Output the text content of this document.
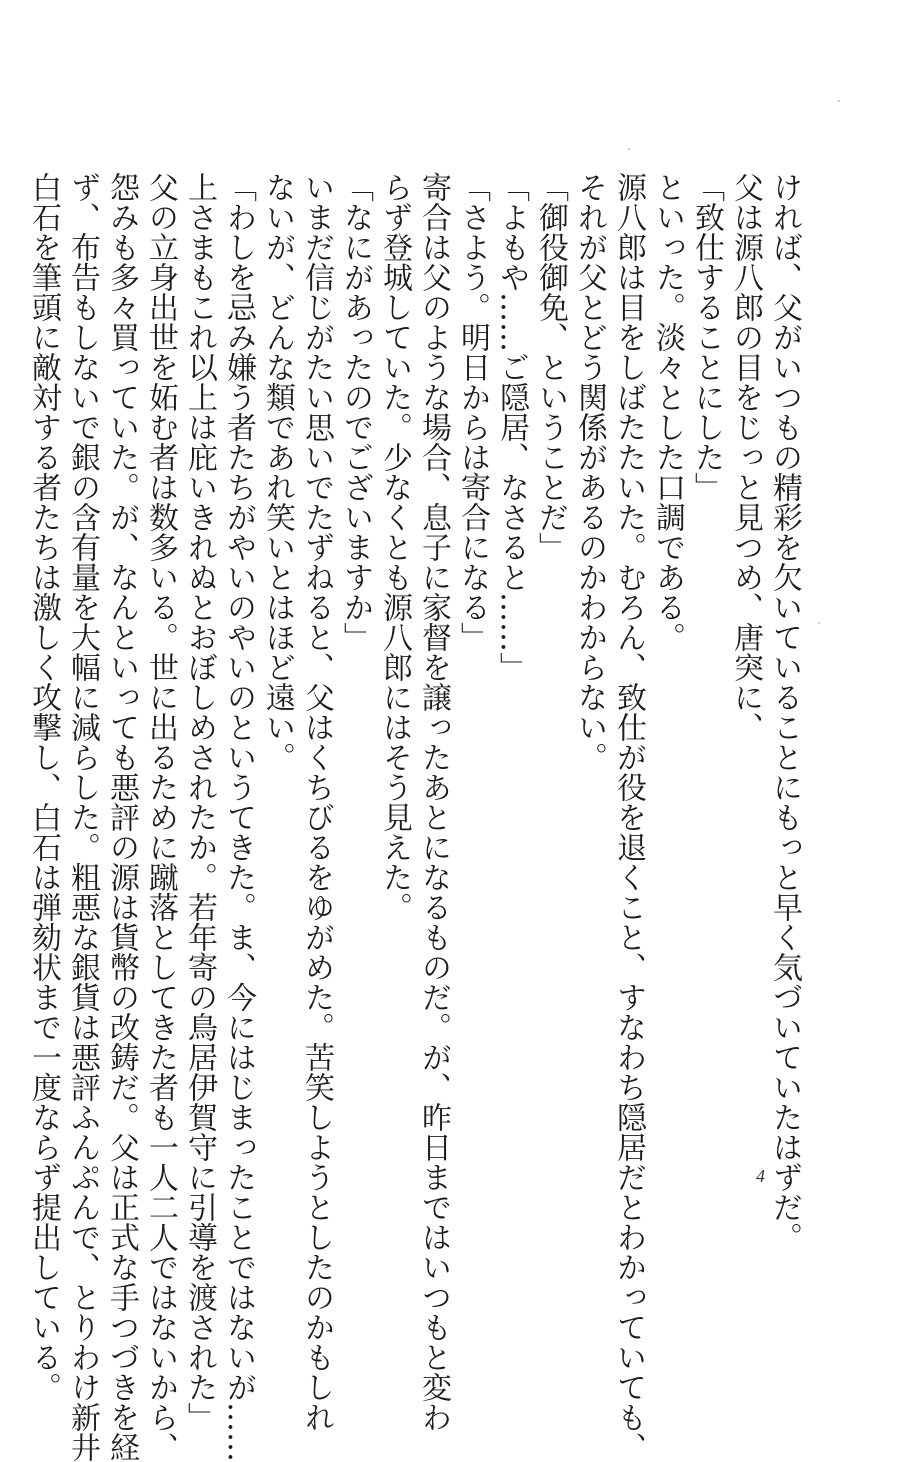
ければ、父がいつもの精彩を欠いていることにもっと早く気づいていたはずだ。

父は源八郎の目をじっと見つめ、唐突に、

「致仕することにした」

といった。淡々とした口調である。

源八郎は目をしばたたいた。むろん、致仕が役を退くこと、すなわち隠居だとわかっていても、

それが父とどう関係があるのかわからない。

「御役御免、ということだ」

「よもや……ご隠居、なさると……」

「さよう。明日からは寄合になる」

寄合は父のような場合、息子に家督を譲ったあとになるものだ。が、昨日まではいつもと変わ

らず登城していた。少なくとも源八郎にはそう見えた。

「なにがあったのでございますか」

いまだ信じがたい思いでたずねると、父はくちびるをゆがめた。苦笑しようとしたのかもしれ

ないが、どんな類であれ笑いとはほど遠い。

「わしを忌み嫌う者たちがやいのやいのというてきた。ま、今にはじまったことではないが……

上さまもこれ以上は庇いきれぬとおぼしめされたか。若年寄の鳥居伊賀守に引導を渡された」

父の立身出世を妬む者は数多いる。世に出るために蹴落としてきた者も一人二人ではないから、

怨みも多々買っていた。が、なんといっても悪評の源は貨幣の改鋳だ。父は正式な手つづきを経

ず、布告もしないで銀の含有量を大幅に減らした。粗悪な銀貨は悪評ふんぷんで、とりわけ新井

白石を筆頭に敵対する者たちは激しく攻撃し、白石は弾劾状まで一度ならず提出している。	4
